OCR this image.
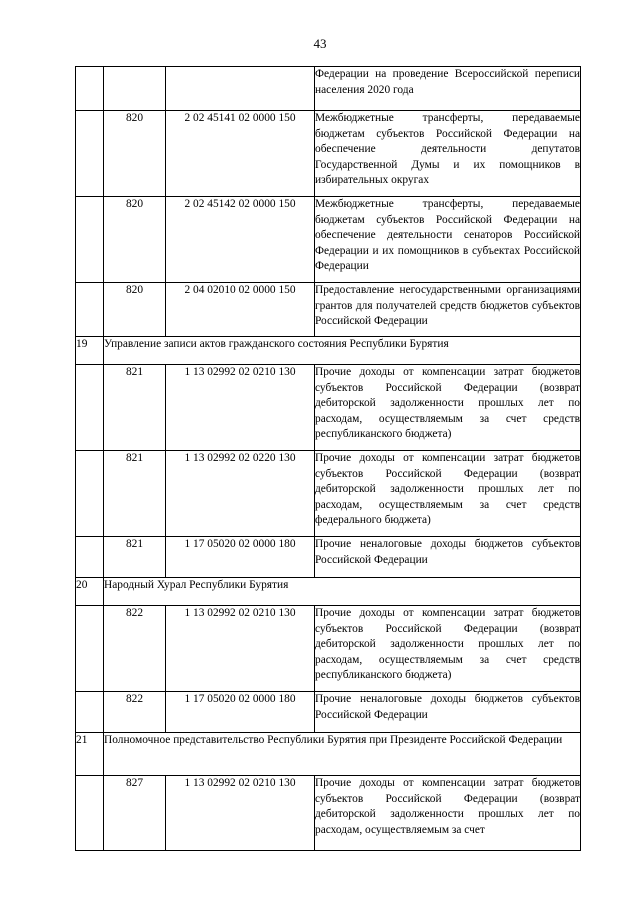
43
			Федерации на проведение Всероссийской переписи населения 2020 года
	820	2 02 45141 02 0000 150	Межбюджетные трансферты, передаваемые бюджетам субъектов Российской Федерации на обеспечение деятельности депутатов Государственной Думы и их помощников в избирательных округах
	820	2 02 45142 02 0000 150	Межбюджетные трансферты, передаваемые бюджетам субъектов Российской Федерации на обеспечение деятельности сенаторов Российской Федерации и их помощников в субъектах Российской Федерации
	820	2 04 02010 02 0000 150	Предоставление негосударственными организациями грантов для получателей средств бюджетов субъектов Российской Федерации
19	Управление записи актов гражданского состояния Республики Бурятия		
	821	1 13 02992 02 0210 130	Прочие доходы от компенсации затрат бюджетов субъектов Российской Федерации (возврат дебиторской задолженности прошлых лет по расходам, осуществляемым за счет средств республиканского бюджета)
	821	1 13 02992 02 0220 130	Прочие доходы от компенсации затрат бюджетов субъектов Российской Федерации (возврат дебиторской задолженности прошлых лет по расходам, осуществляемым за счет средств федерального бюджета)
	821	1 17 05020 02 0000 180	Прочие неналоговые доходы бюджетов субъектов Российской Федерации
20	Народный Хурал Республики Бурятия		
	822	1 13 02992 02 0210 130	Прочие доходы от компенсации затрат бюджетов субъектов Российской Федерации (возврат дебиторской задолженности прошлых лет по расходам, осуществляемым за счет средств республиканского бюджета)
	822	1 17 05020 02 0000 180	Прочие неналоговые доходы бюджетов субъектов Российской Федерации
21	Полномочное представительство Республики Бурятия при Президенте Российской Федерации		
	827	1 13 02992 02 0210 130	Прочие доходы от компенсации затрат бюджетов субъектов Российской Федерации (возврат дебиторской задолженности прошлых лет по расходам, осуществляемым за счет
